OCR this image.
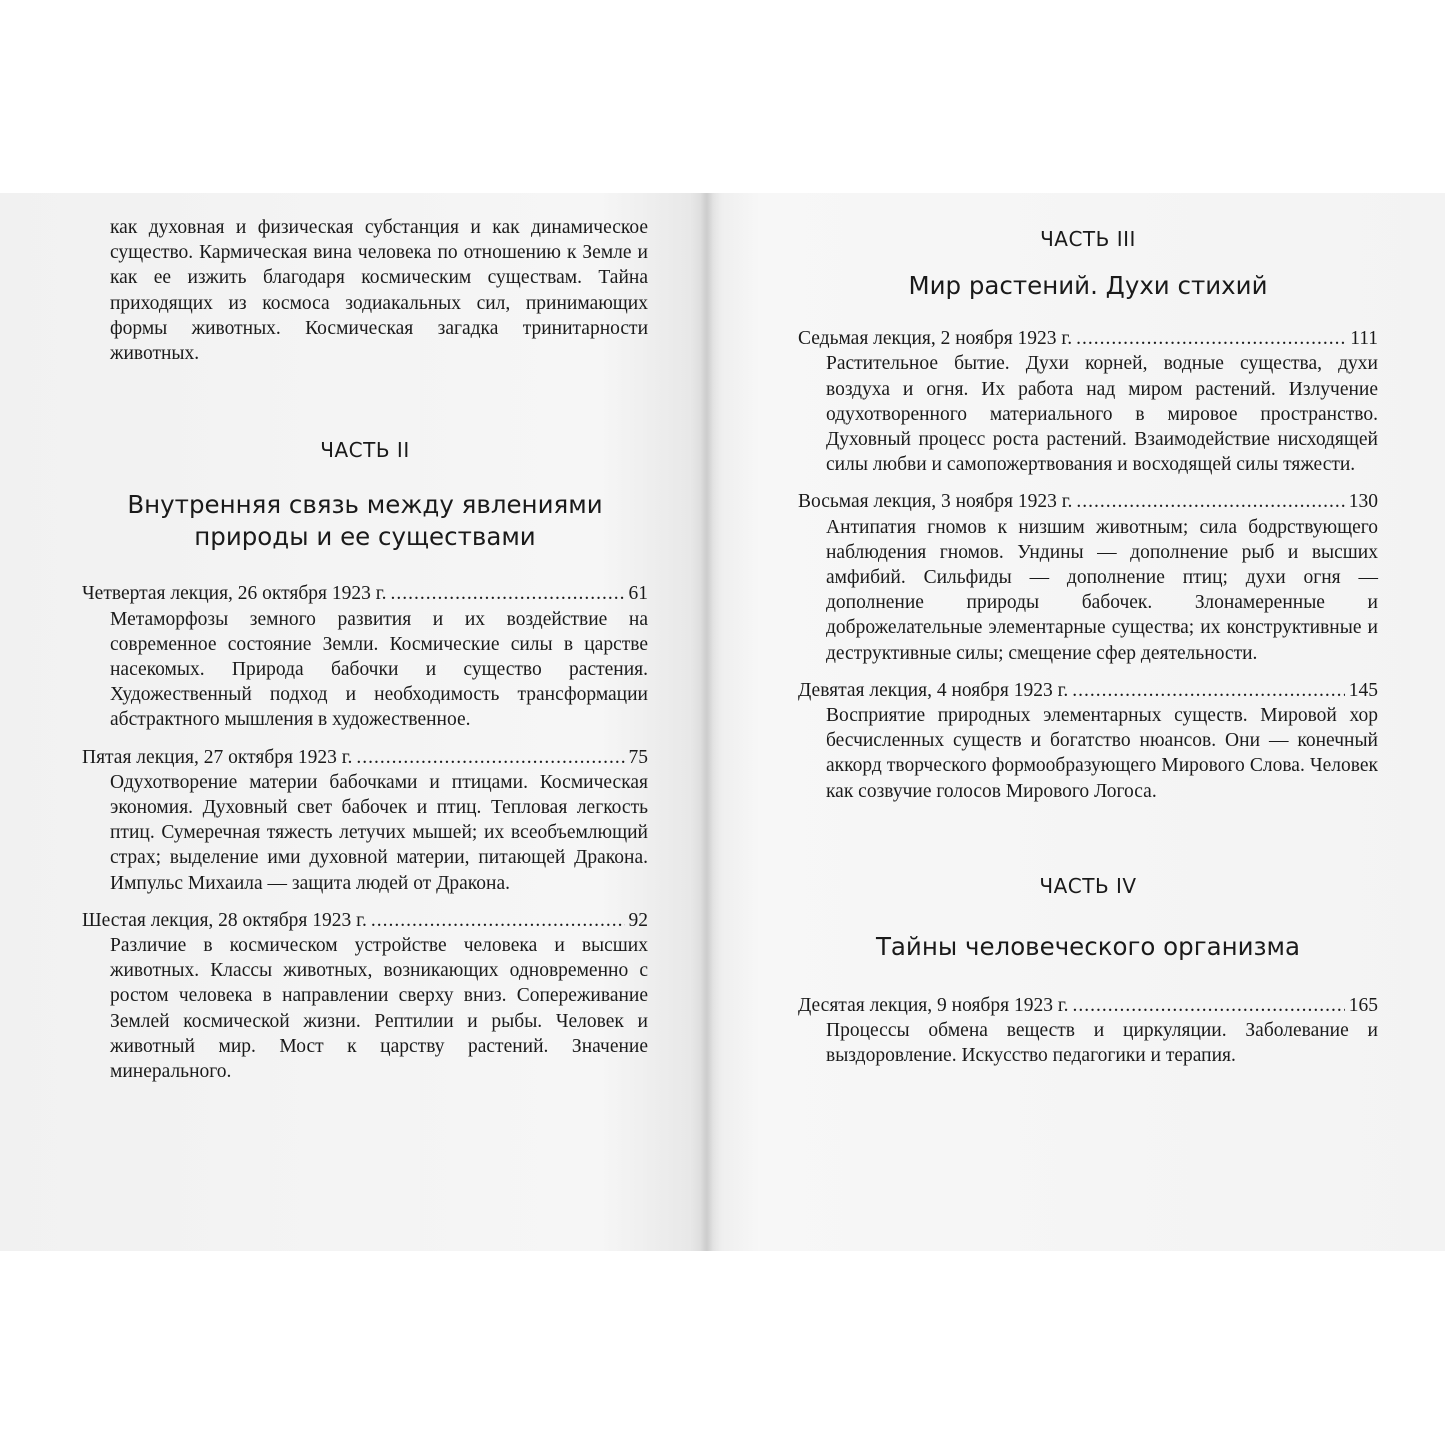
как духовная и физическая субстанция и как динамическое существо. Кармическая вина человека по отношению к Земле и как ее изжить благодаря космическим существам. Тайна приходящих из космоса зодиакальных сил, принимающих формы животных. Космическая загадка тринитарности животных.

ЧАСТЬ II

Внутренняя связь между явлениями природы и ее существами

Четвертая лекция, 26 октября 1923 г. .....	61
Метаморфозы земного развития и их воздействие на современное состояние Земли. Космические силы в царстве насекомых. Природа бабочки и существо растения. Художественный подход и необходимость трансформации абстрактного мышления в художественное.
Пятая лекция, 27 октября 1923 г. .....	75
Одухотворение материи бабочками и птицами. Космическая экономия. Духовный свет бабочек и птиц. Тепловая легкость птиц. Сумеречная тяжесть летучих мышей; их всеобъемлющий страх; выделение ими духовной материи, питающей Дракона. Импульс Михаила — защита людей от Дракона.
Шестая лекция, 28 октября 1923 г. .....	92
Различие в космическом устройстве человека и высших животных. Классы животных, возникающих одновременно с ростом человека в направлении сверху вниз. Сопереживание Землей космической жизни. Рептилии и рыбы. Человек и животный мир. Мост к царству растений. Значение минерального.

ЧАСТЬ III

Мир растений. Духи стихий

Седьмая лекция, 2 ноября 1923 г. .....	111
Растительное бытие. Духи корней, водные существа, духи воздуха и огня. Их работа над миром растений. Излучение одухотворенного материального в мировое пространство. Духовный процесс роста растений. Взаимодействие нисходящей силы любви и самопожертвования и восходящей силы тяжести.
Восьмая лекция, 3 ноября 1923 г. .....	130
Антипатия гномов к низшим животным; сила бодрствующего наблюдения гномов. Ундины — дополнение рыб и высших амфибий. Сильфиды — дополнение птиц; духи огня — дополнение природы бабочек. Злонамеренные и доброжелательные элементарные существа; их конструктивные и деструктивные силы; смещение сфер деятельности.
Девятая лекция, 4 ноября 1923 г. .....	145
Восприятие природных элементарных существ. Мировой хор бесчисленных существ и богатство нюансов. Они — конечный аккорд творческого формообразующего Мирового Слова. Человек как созвучие голосов Мирового Логоса.

ЧАСТЬ IV

Тайны человеческого организма

Десятая лекция, 9 ноября 1923 г. .....	165
Процессы обмена веществ и циркуляции. Заболевание и выздоровление. Искусство педагогики и терапия.
